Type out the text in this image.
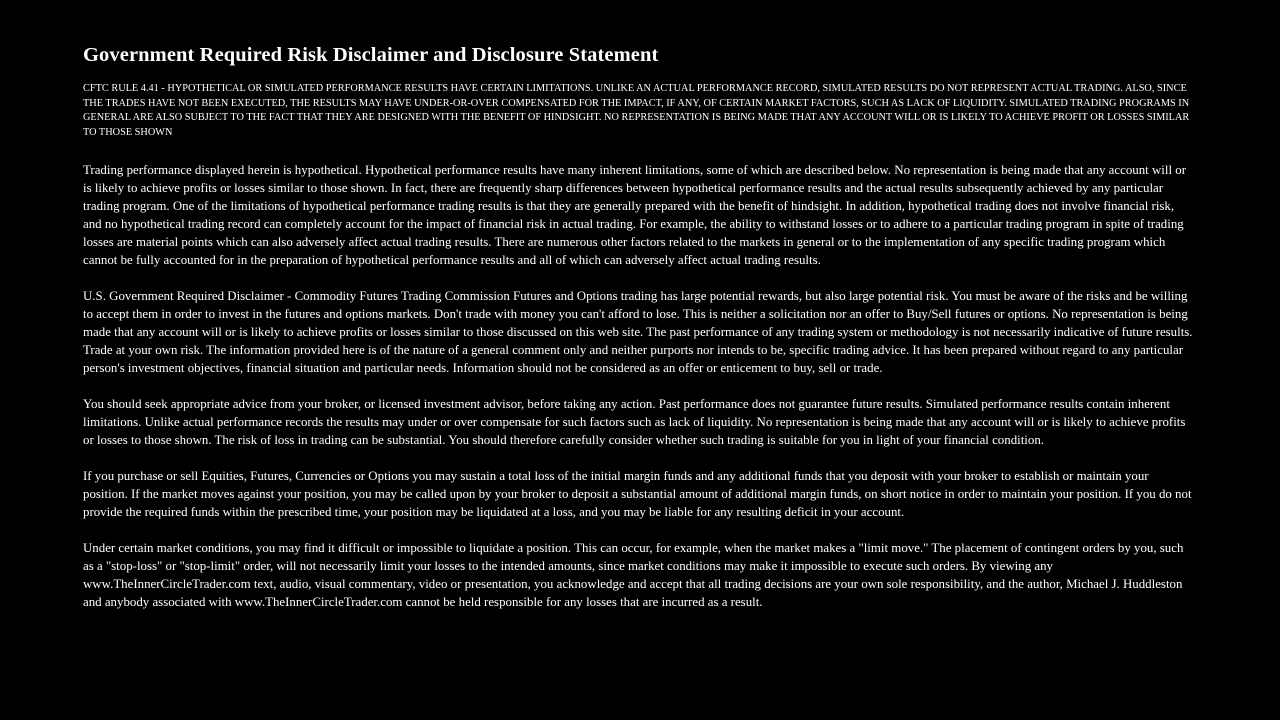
Government Required Risk Disclaimer and Disclosure Statement

CFTC RULE 4.41 - HYPOTHETICAL OR SIMULATED PERFORMANCE RESULTS HAVE CERTAIN LIMITATIONS. UNLIKE AN ACTUAL PERFORMANCE RECORD, SIMULATED RESULTS DO NOT REPRESENT ACTUAL TRADING. ALSO, SINCE THE TRADES HAVE NOT BEEN EXECUTED, THE RESULTS MAY HAVE UNDER-OR-OVER COMPENSATED FOR THE IMPACT, IF ANY, OF CERTAIN MARKET FACTORS, SUCH AS LACK OF LIQUIDITY. SIMULATED TRADING PROGRAMS IN GENERAL ARE ALSO SUBJECT TO THE FACT THAT THEY ARE DESIGNED WITH THE BENEFIT OF HINDSIGHT. NO REPRESENTATION IS BEING MADE THAT ANY ACCOUNT WILL OR IS LIKELY TO ACHIEVE PROFIT OR LOSSES SIMILAR TO THOSE SHOWN

Trading performance displayed herein is hypothetical. Hypothetical performance results have many inherent limitations, some of which are described below. No representation is being made that any account will or is likely to achieve profits or losses similar to those shown. In fact, there are frequently sharp differences between hypothetical performance results and the actual results subsequently achieved by any particular trading program. One of the limitations of hypothetical performance trading results is that they are generally prepared with the benefit of hindsight. In addition, hypothetical trading does not involve financial risk, and no hypothetical trading record can completely account for the impact of financial risk in actual trading. For example, the ability to withstand losses or to adhere to a particular trading program in spite of trading losses are material points which can also adversely affect actual trading results. There are numerous other factors related to the markets in general or to the implementation of any specific trading program which cannot be fully accounted for in the preparation of hypothetical performance results and all of which can adversely affect actual trading results.

U.S. Government Required Disclaimer - Commodity Futures Trading Commission Futures and Options trading has large potential rewards, but also large potential risk. You must be aware of the risks and be willing to accept them in order to invest in the futures and options markets. Don't trade with money you can't afford to lose. This is neither a solicitation nor an offer to Buy/Sell futures or options. No representation is being made that any account will or is likely to achieve profits or losses similar to those discussed on this web site. The past performance of any trading system or methodology is not necessarily indicative of future results. Trade at your own risk. The information provided here is of the nature of a general comment only and neither purports nor intends to be, specific trading advice. It has been prepared without regard to any particular person's investment objectives, financial situation and particular needs. Information should not be considered as an offer or enticement to buy, sell or trade.

You should seek appropriate advice from your broker, or licensed investment advisor, before taking any action. Past performance does not guarantee future results. Simulated performance results contain inherent limitations. Unlike actual performance records the results may under or over compensate for such factors such as lack of liquidity. No representation is being made that any account will or is likely to achieve profits or losses to those shown. The risk of loss in trading can be substantial. You should therefore carefully consider whether such trading is suitable for you in light of your financial condition.

If you purchase or sell Equities, Futures, Currencies or Options you may sustain a total loss of the initial margin funds and any additional funds that you deposit with your broker to establish or maintain your position. If the market moves against your position, you may be called upon by your broker to deposit a substantial amount of additional margin funds, on short notice in order to maintain your position. If you do not provide the required funds within the prescribed time, your position may be liquidated at a loss, and you may be liable for any resulting deficit in your account.

Under certain market conditions, you may find it difficult or impossible to liquidate a position. This can occur, for example, when the market makes a "limit move." The placement of contingent orders by you, such as a "stop-loss" or "stop-limit" order, will not necessarily limit your losses to the intended amounts, since market conditions may make it impossible to execute such orders. By viewing any www.TheInnerCircleTrader.com text, audio, visual commentary, video or presentation, you acknowledge and accept that all trading decisions are your own sole responsibility, and the author, Michael J. Huddleston and anybody associated with www.TheInnerCircleTrader.com cannot be held responsible for any losses that are incurred as a result.
